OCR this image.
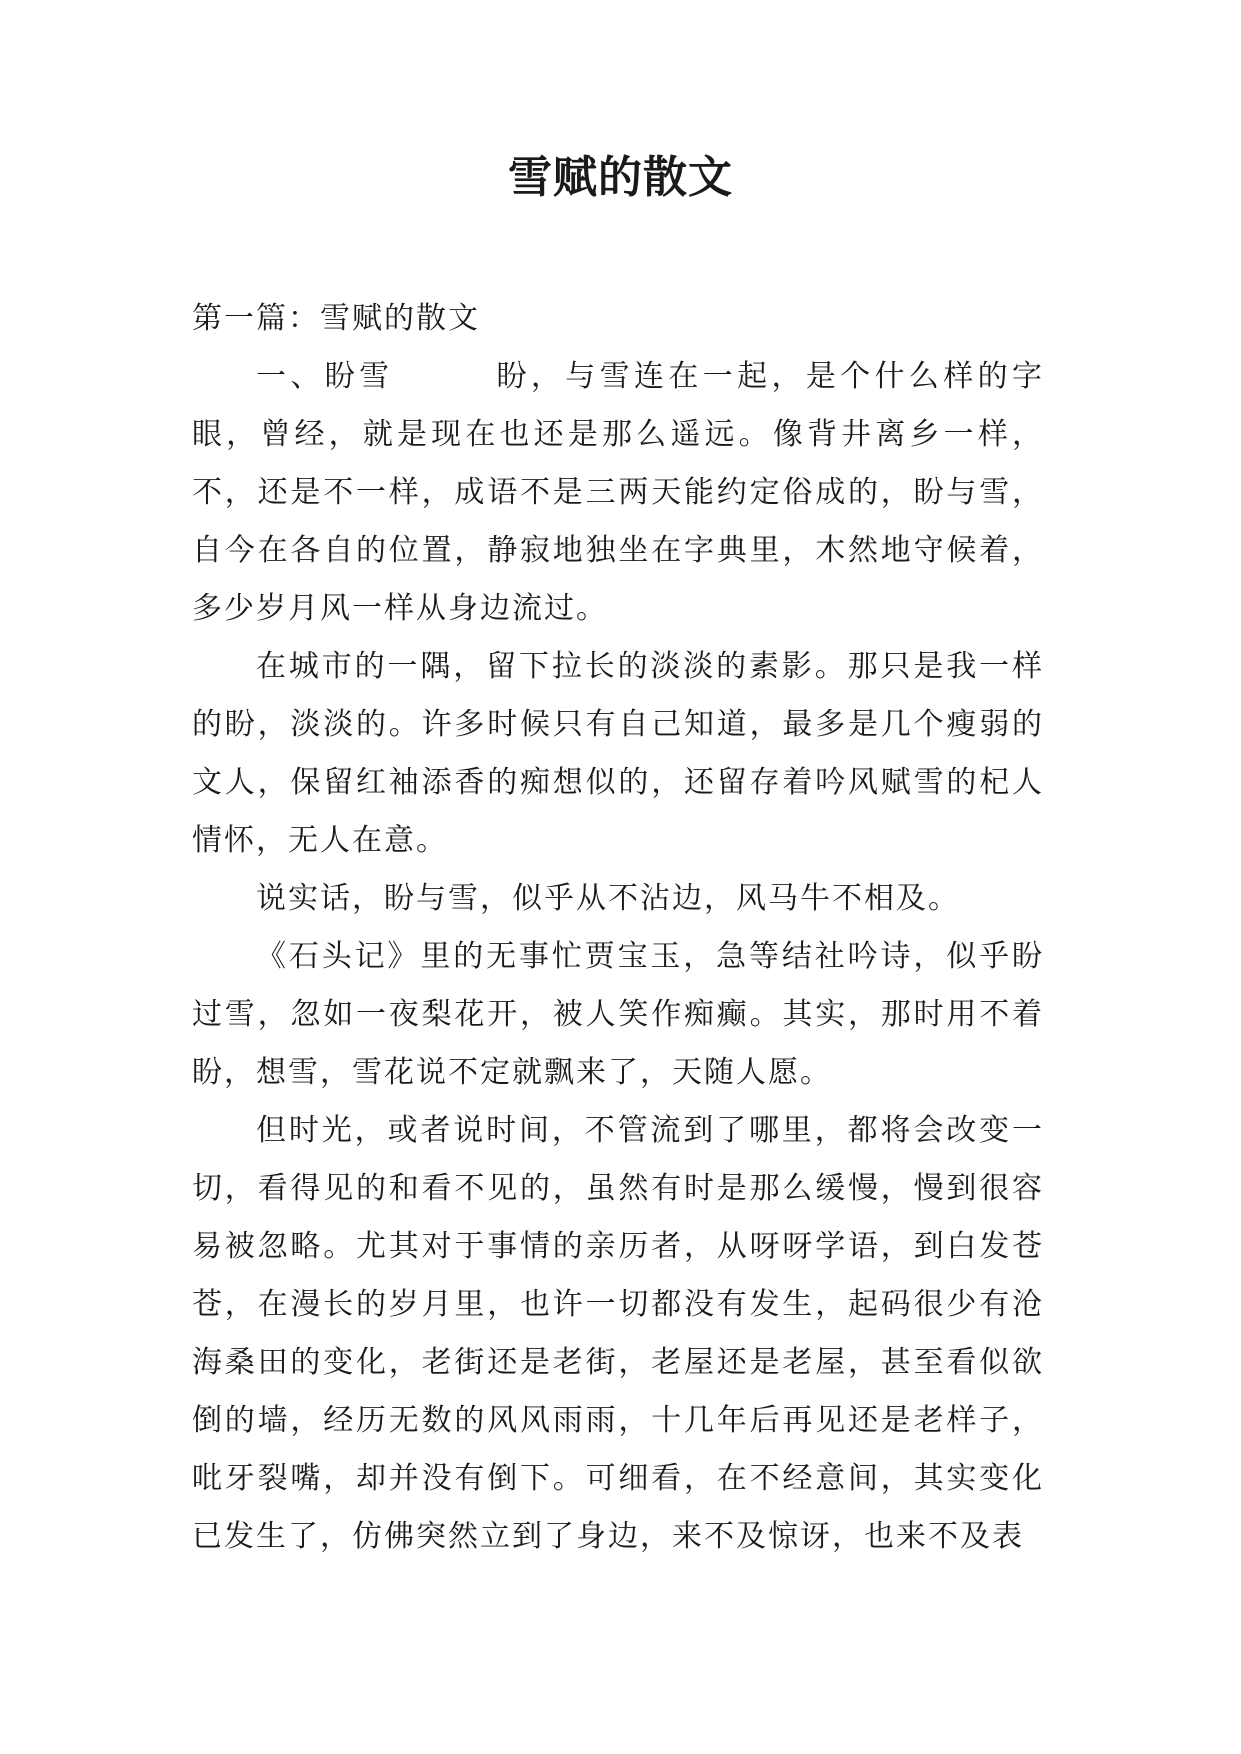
雪赋的散文

第一篇：雪赋的散文

一、盼雪　　　盼，与雪连在一起，是个什么样的字眼，曾经，就是现在也还是那么遥远。像背井离乡一样，不，还是不一样，成语不是三两天能约定俗成的，盼与雪，自今在各自的位置，静寂地独坐在字典里，木然地守候着，多少岁月风一样从身边流过。

在城市的一隅，留下拉长的淡淡的素影。那只是我一样的盼，淡淡的。许多时候只有自己知道，最多是几个瘦弱的文人，保留红袖添香的痴想似的，还留存着吟风赋雪的杞人情怀，无人在意。

说实话，盼与雪，似乎从不沾边，风马牛不相及。

《石头记》里的无事忙贾宝玉，急等结社吟诗，似乎盼过雪，忽如一夜梨花开，被人笑作痴癫。其实，那时用不着盼，想雪，雪花说不定就飘来了，天随人愿。

但时光，或者说时间，不管流到了哪里，都将会改变一切，看得见的和看不见的，虽然有时是那么缓慢，慢到很容易被忽略。尤其对于事情的亲历者，从呀呀学语，到白发苍苍，在漫长的岁月里，也许一切都没有发生，起码很少有沧海桑田的变化，老街还是老街，老屋还是老屋，甚至看似欲倒的墙，经历无数的风风雨雨，十几年后再见还是老样子，吡牙裂嘴，却并没有倒下。可细看，在不经意间，其实变化已发生了，仿佛突然立到了身边，来不及惊讶，也来不及表
